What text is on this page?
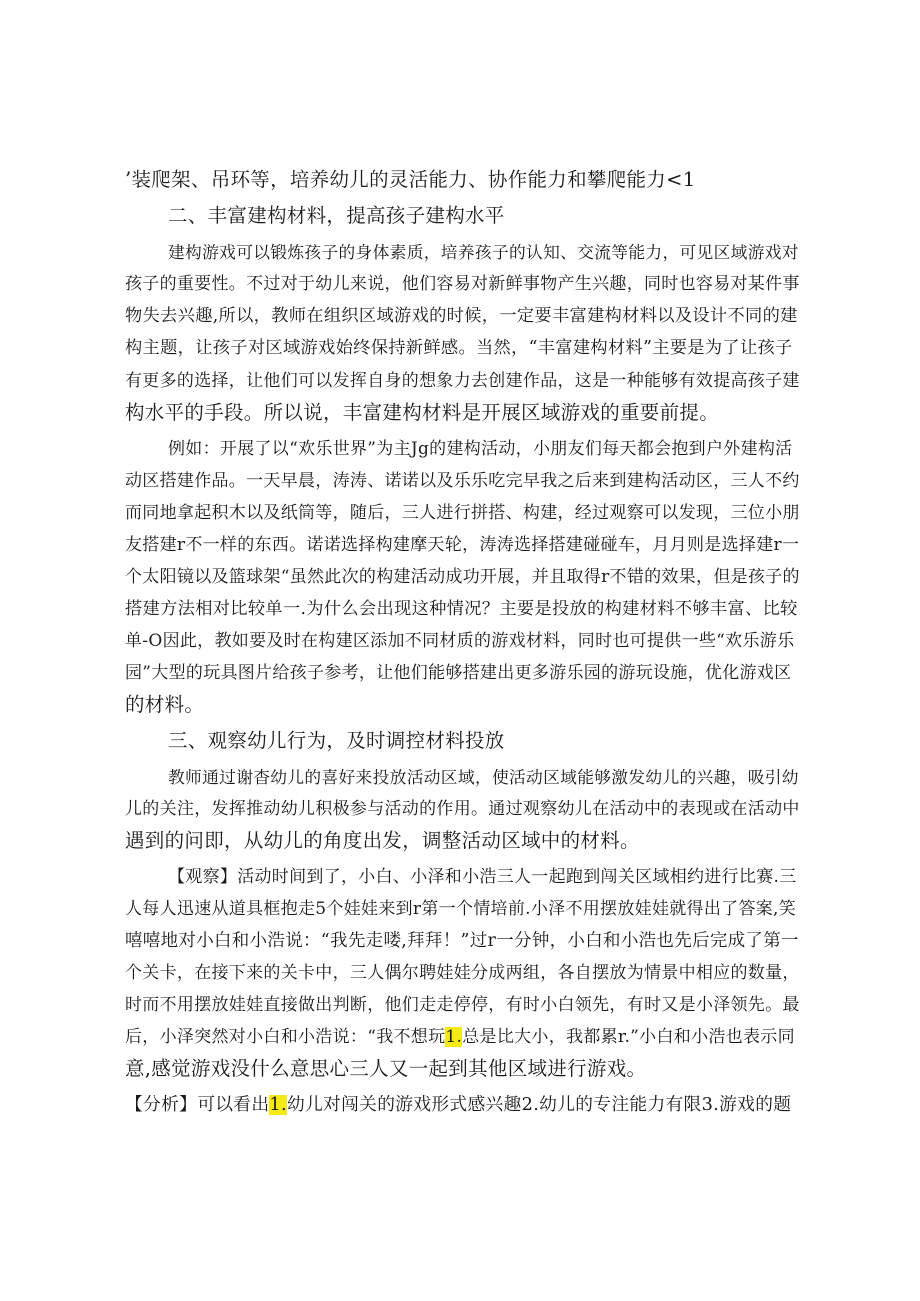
’装爬架、吊环等，培养幼儿的灵活能力、协作能力和攀爬能力<1
二、丰富建构材料，提高孩子建构水平
建构游戏可以锻炼孩子的身体素质，培养孩子的认知、交流等能力，可见区域游戏对
孩子的重要性。不过对于幼儿来说，他们容易对新鲜事物产生兴趣，同时也容易对某件事
物失去兴趣,所以，教师在组织区域游戏的时候，一定要丰富建构材料以及设计不同的建
构主题，让孩子对区域游戏始终保持新鲜感。当然，“丰富建构材料”主要是为了让孩子
有更多的选择，让他们可以发挥自身的想象力去创建作品，这是一种能够有效提高孩子建
构水平的手段。所以说，丰富建构材料是开展区域游戏的重要前提。
例如：开展了以“欢乐世界”为主Jg的建构活动，小朋友们每天都会抱到户外建构活
动区搭建作品。一天早晨，涛涛、诺诺以及乐乐吃完早我之后来到建构活动区，三人不约
而同地拿起积木以及纸筒等，随后，三人进行拼搭、构建，经过观察可以发现，三位小朋
友搭建r不一样的东西。诺诺选择构建摩天轮，涛涛选择搭建碰碰车，月月则是选择建r一
个太阳镜以及篮球架“虽然此次的构建活动成功开展，并且取得r不错的效果，但是孩子的
搭建方法相对比较单一.为什么会出现这种情况？主要是投放的构建材料不够丰富、比较
单-O因此，教如要及时在构建区添加不同材质的游戏材料，同时也可提供一些“欢乐游乐
园”大型的玩具图片给孩子参考，让他们能够搭建出更多游乐园的游玩设施，优化游戏区
的材料。
三、观察幼儿行为，及时调控材料投放
教师通过谢杳幼儿的喜好来投放活动区域，使活动区域能够激发幼儿的兴趣，吸引幼
儿的关注，发挥推动幼儿积极参与活动的作用。通过观察幼儿在活动中的表现或在活动中
遇到的问即，从幼儿的角度出发，调整活动区域中的材料。
【观察】活动时间到了，小白、小泽和小浩三人一起跑到闯关区域相约进行比赛.三
人每人迅速从道具框抱走5个娃娃来到r第一个情培前.小泽不用摆放娃娃就得出了答案,笑
嘻嘻地对小白和小浩说：“我先走喽,拜拜！”过r一分钟，小白和小浩也先后完成了第一
个关卡，在接下来的关卡中，三人偶尔聘娃娃分成两组，各自摆放为情景中相应的数量，
时而不用摆放娃娃直接做出判断，他们走走停停，有时小白领先，有时又是小泽领先。最
后，小泽突然对小白和小浩说：“我不想玩1.总是比大小，我都累r.”小白和小浩也表示同
意,感觉游戏没什么意思心三人又一起到其他区域进行游戏。
【分析】可以看出1.幼儿对闯关的游戏形式感兴趣2.幼儿的专注能力有限3.游戏的题
